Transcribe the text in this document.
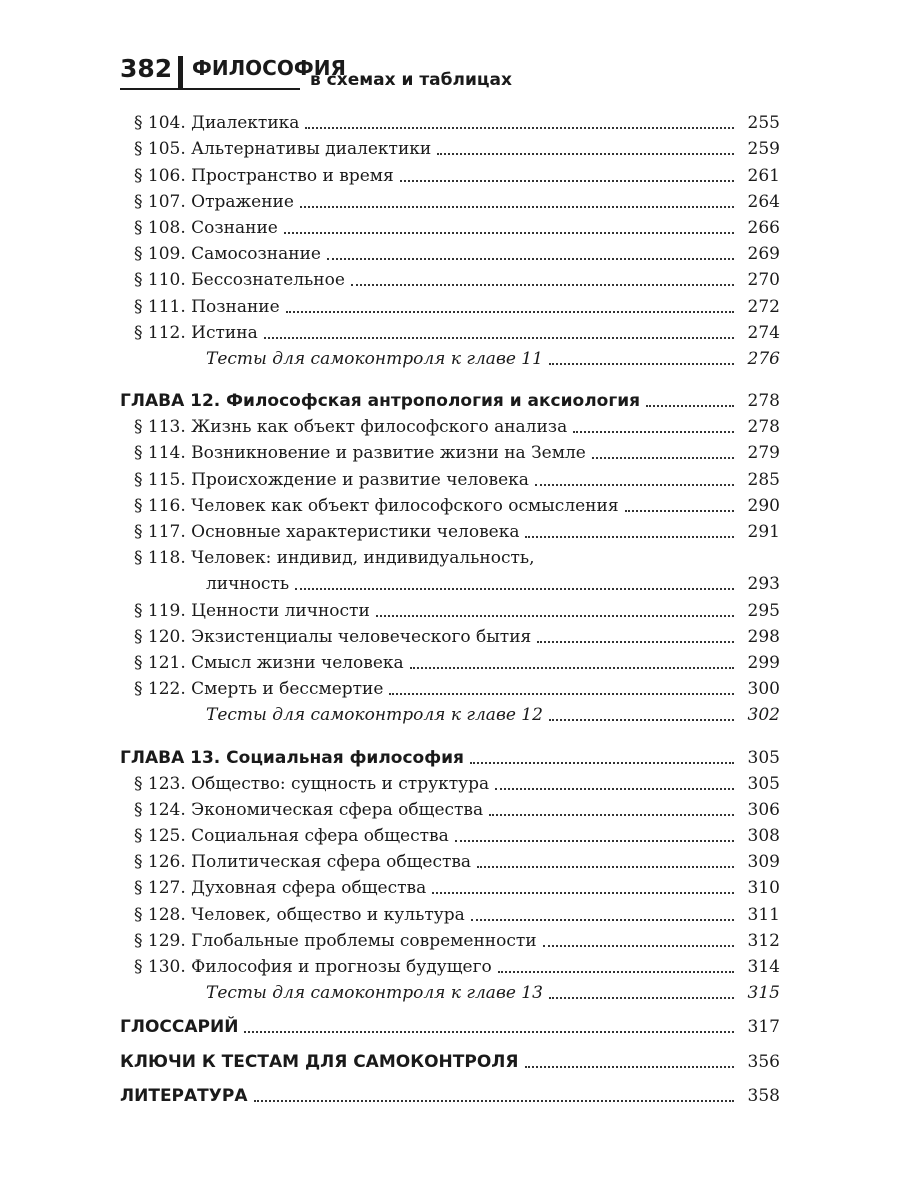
382 ФИЛОСОФИЯ
в схемах и таблицах
§ 104. Диалектика	255
§ 105. Альтернативы диалектики	259
§ 106. Пространство и время	261
§ 107. Отражение	264
§ 108. Сознание	266
§ 109. Самосознание	269
§ 110. Бессознательное	270
§ 111. Познание	272
§ 112. Истина	274
Тесты для самоконтроля к главе 11	276
ГЛАВА 12. Философская антропология и аксиология	278
§ 113. Жизнь как объект философского анализа	278
§ 114. Возникновение и развитие жизни на Земле	279
§ 115. Происхождение и развитие человека	285
§ 116. Человек как объект философского осмысления	290
§ 117. Основные характеристики человека	291
§ 118. Человек: индивид, индивидуальность,
личность	293
§ 119. Ценности личности	295
§ 120. Экзистенциалы человеческого бытия	298
§ 121. Смысл жизни человека	299
§ 122. Смерть и бессмертие	300
Тесты для самоконтроля к главе 12	302
ГЛАВА 13. Социальная философия	305
§ 123. Общество: сущность и структура	305
§ 124. Экономическая сфера общества	306
§ 125. Социальная сфера общества	308
§ 126. Политическая сфера общества	309
§ 127. Духовная сфера общества	310
§ 128. Человек, общество и культура	311
§ 129. Глобальные проблемы современности	312
§ 130. Философия и прогнозы будущего	314
Тесты для самоконтроля к главе 13	315
ГЛОССАРИЙ	317
КЛЮЧИ К ТЕСТАМ ДЛЯ САМОКОНТРОЛЯ	356
ЛИТЕРАТУРА	358
